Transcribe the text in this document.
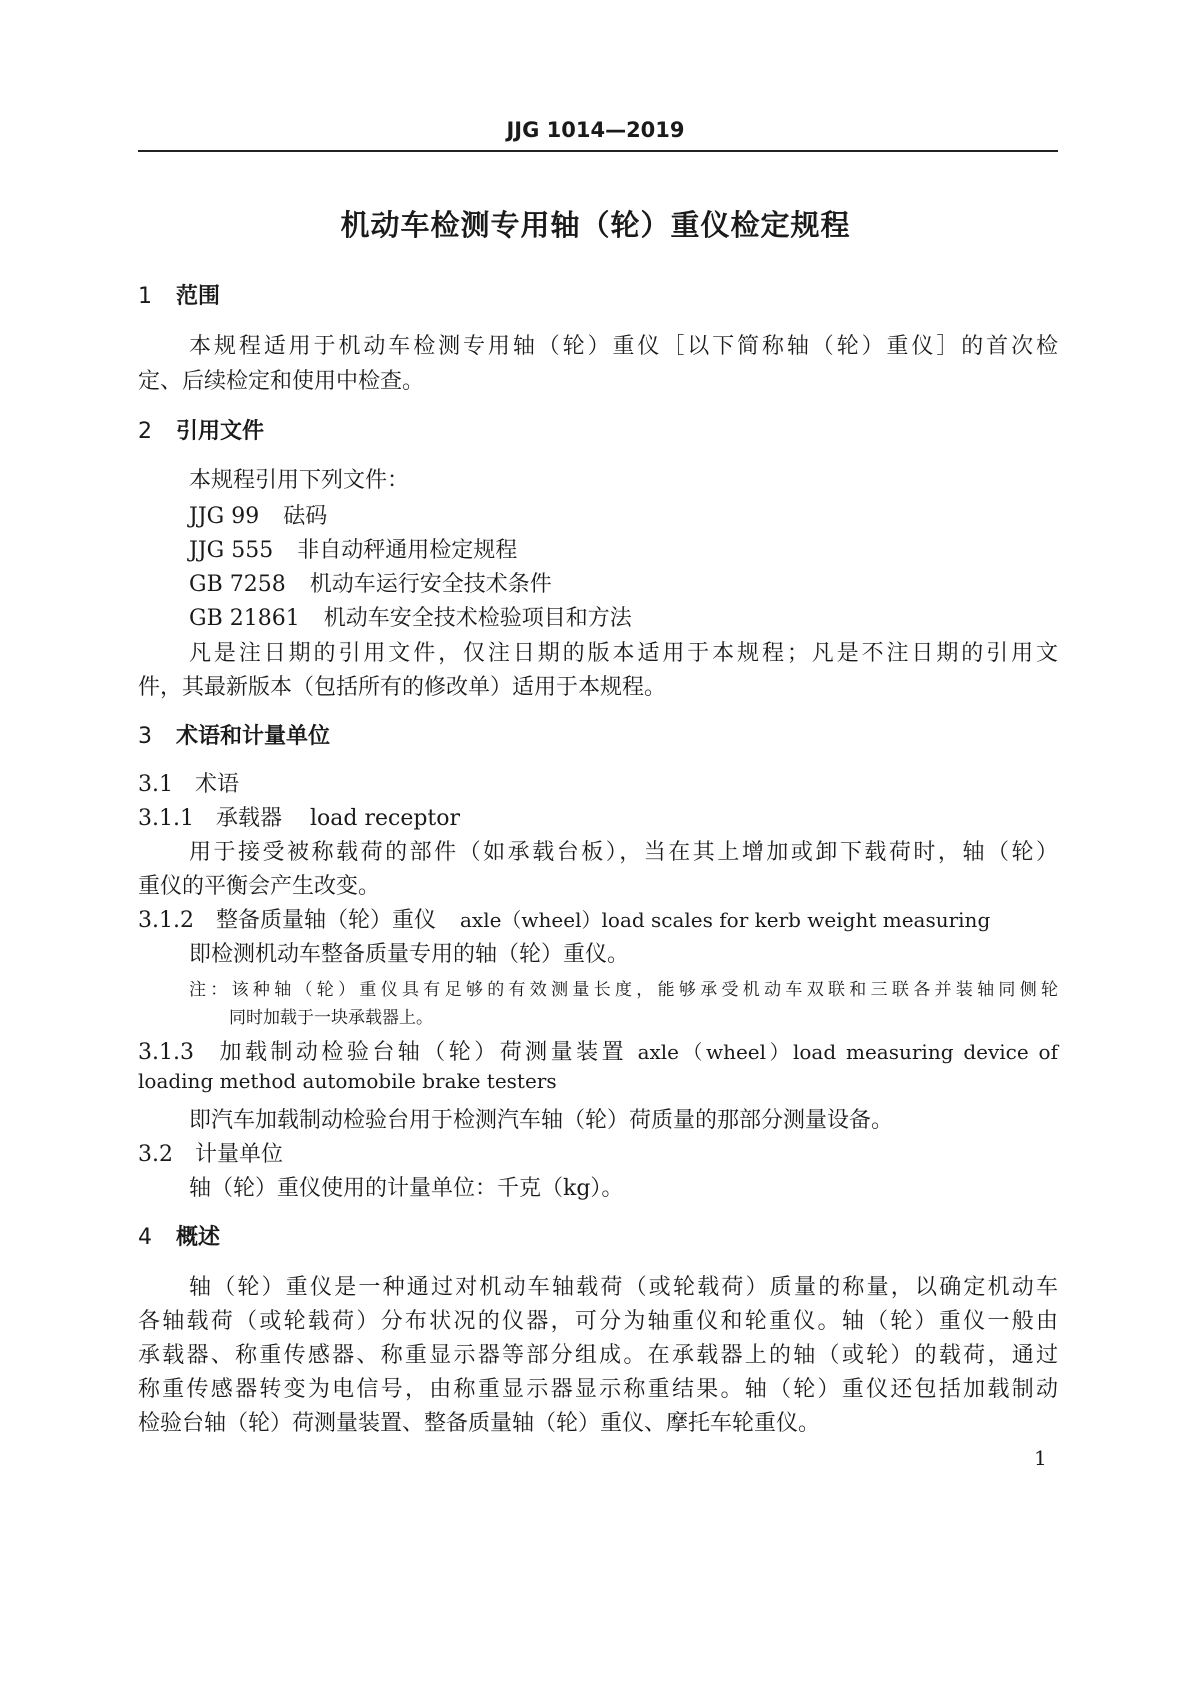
JJG 1014—2019
机动车检测专用轴（轮）重仪检定规程
1 范围
本规程适用于机动车检测专用轴（轮）重仪［以下简称轴（轮）重仪］的首次检
定、后续检定和使用中检查。
2 引用文件
本规程引用下列文件：
JJG 99 砝码
JJG 555 非自动秤通用检定规程
GB 7258 机动车运行安全技术条件
GB 21861 机动车安全技术检验项目和方法
凡是注日期的引用文件，仅注日期的版本适用于本规程；凡是不注日期的引用文
件，其最新版本（包括所有的修改单）适用于本规程。
3 术语和计量单位
3.1 术语
3.1.1 承载器 load receptor
用于接受被称载荷的部件（如承载台板），当在其上增加或卸下载荷时，轴（轮）
重仪的平衡会产生改变。
3.1.2 整备质量轴（轮）重仪 axle（wheel）load scales for kerb weight measuring
即检测机动车整备质量专用的轴（轮）重仪。
注：该种轴（轮）重仪具有足够的有效测量长度，能够承受机动车双联和三联各并装轴同侧轮
同时加载于一块承载器上。
3.1.3 加载制动检验台轴（轮）荷测量装置 axle（wheel）load measuring device of
loading method automobile brake testers
即汽车加载制动检验台用于检测汽车轴（轮）荷质量的那部分测量设备。
3.2 计量单位
轴（轮）重仪使用的计量单位：千克（kg）。
4 概述
轴（轮）重仪是一种通过对机动车轴载荷（或轮载荷）质量的称量，以确定机动车
各轴载荷（或轮载荷）分布状况的仪器，可分为轴重仪和轮重仪。轴（轮）重仪一般由
承载器、称重传感器、称重显示器等部分组成。在承载器上的轴（或轮）的载荷，通过
称重传感器转变为电信号，由称重显示器显示称重结果。轴（轮）重仪还包括加载制动
检验台轴（轮）荷测量装置、整备质量轴（轮）重仪、摩托车轮重仪。
1
